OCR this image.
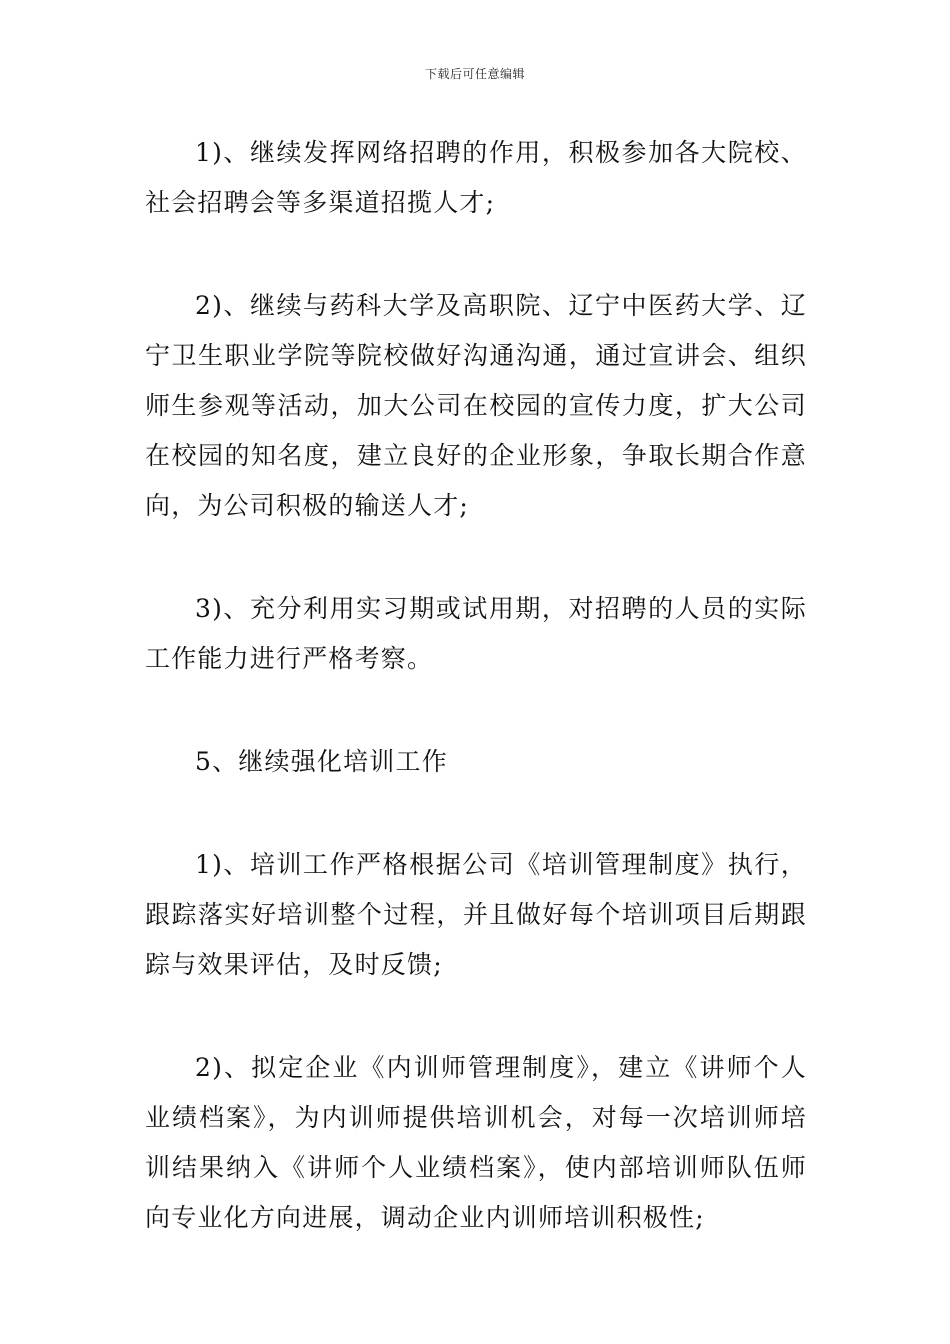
下载后可任意编辑

1)、继续发挥网络招聘的作用，积极参加各大院校、社会招聘会等多渠道招揽人才;

2)、继续与药科大学及高职院、辽宁中医药大学、辽宁卫生职业学院等院校做好沟通沟通，通过宣讲会、组织师生参观等活动，加大公司在校园的宣传力度，扩大公司在校园的知名度，建立良好的企业形象，争取长期合作意向，为公司积极的输送人才;

3)、充分利用实习期或试用期，对招聘的人员的实际工作能力进行严格考察。

5、继续强化培训工作

1)、培训工作严格根据公司《培训管理制度》执行，跟踪落实好培训整个过程，并且做好每个培训项目后期跟踪与效果评估，及时反馈;

2)、拟定企业《内训师管理制度》，建立《讲师个人业绩档案》，为内训师提供培训机会，对每一次培训师培训结果纳入《讲师个人业绩档案》，使内部培训师队伍师向专业化方向进展，调动企业内训师培训积极性;
